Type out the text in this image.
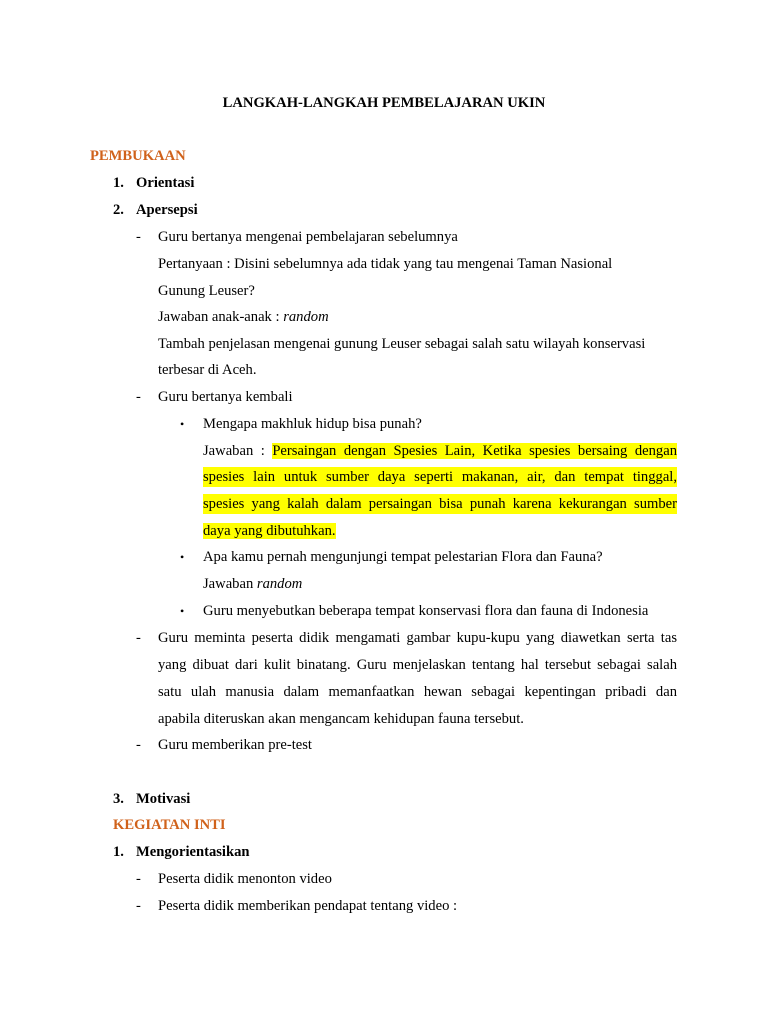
LANGKAH-LANGKAH PEMBELAJARAN UKIN
PEMBUKAAN
1. Orientasi
2. Apersepsi
- Guru bertanya mengenai pembelajaran sebelumnya
Pertanyaan : Disini sebelumnya ada tidak yang tau mengenai Taman Nasional
Gunung Leuser?
Jawaban anak-anak : random
Tambah penjelasan mengenai gunung Leuser sebagai salah satu wilayah konservasi
terbesar di Aceh.
- Guru bertanya kembali
• Mengapa makhluk hidup bisa punah?
Jawaban : Persaingan dengan Spesies Lain, Ketika spesies bersaing dengan
spesies lain untuk sumber daya seperti makanan, air, dan tempat tinggal,
spesies yang kalah dalam persaingan bisa punah karena kekurangan sumber
daya yang dibutuhkan.
• Apa kamu pernah mengunjungi tempat pelestarian Flora dan Fauna?
Jawaban random
• Guru menyebutkan beberapa tempat konservasi flora dan fauna di Indonesia
- Guru meminta peserta didik mengamati gambar kupu-kupu yang diawetkan serta tas
yang dibuat dari kulit binatang. Guru menjelaskan tentang hal tersebut sebagai salah
satu ulah manusia dalam memanfaatkan hewan sebagai kepentingan pribadi dan
apabila diteruskan akan mengancam kehidupan fauna tersebut.
- Guru memberikan pre-test
3. Motivasi
KEGIATAN INTI
1. Mengorientasikan
- Peserta didik menonton video
- Peserta didik memberikan pendapat tentang video :
